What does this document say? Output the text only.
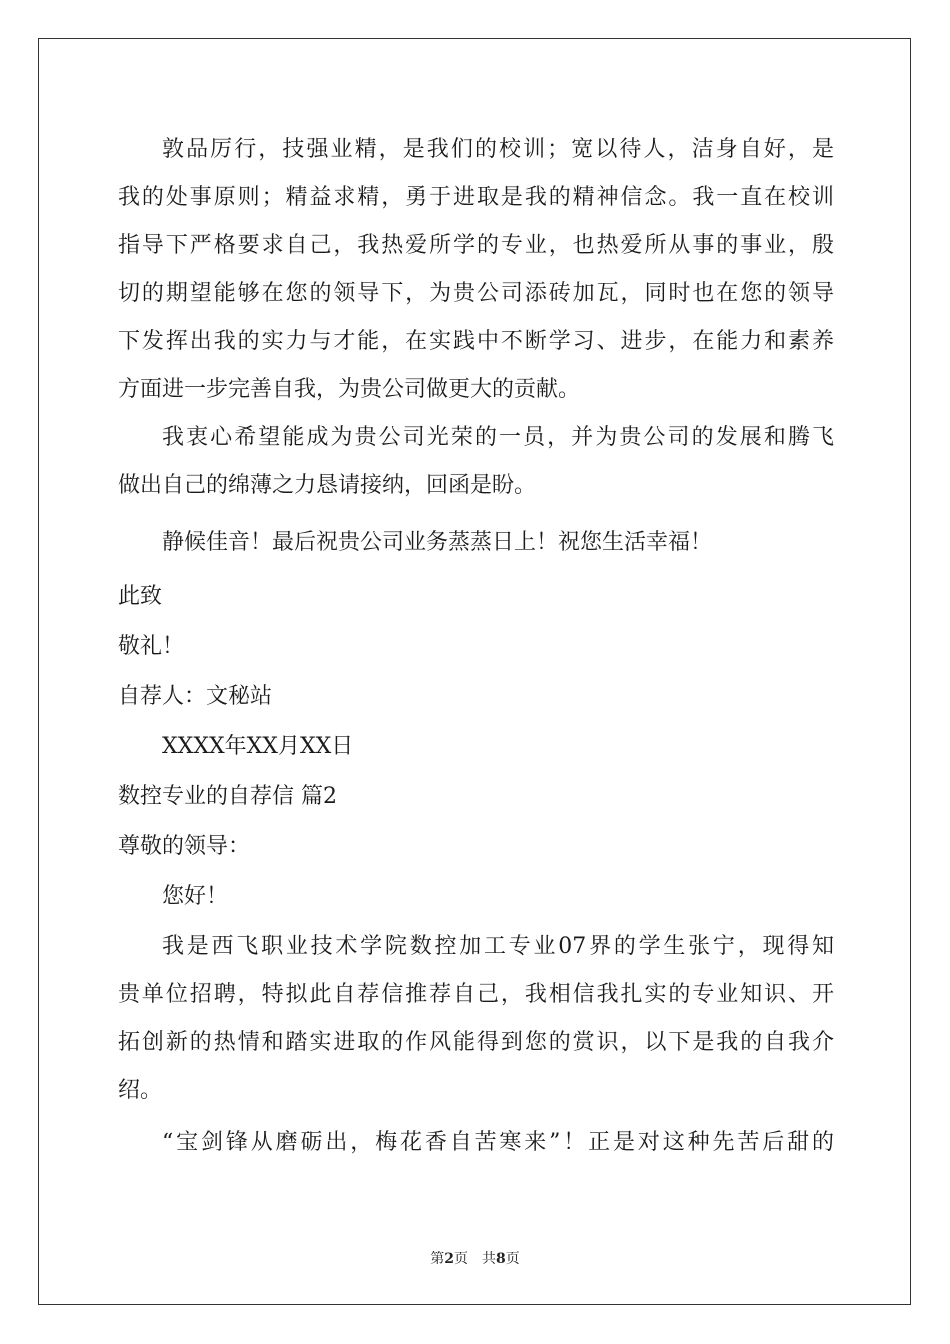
敦品厉行，技强业精，是我们的校训；宽以待人，洁身自好，是

我的处事原则；精益求精，勇于进取是我的精神信念。我一直在校训

指导下严格要求自己，我热爱所学的专业，也热爱所从事的事业，殷

切的期望能够在您的领导下，为贵公司添砖加瓦，同时也在您的领导

下发挥出我的实力与才能，在实践中不断学习、进步，在能力和素养

方面进一步完善自我，为贵公司做更大的贡献。

我衷心希望能成为贵公司光荣的一员，并为贵公司的发展和腾飞

做出自己的绵薄之力恳请接纳，回函是盼。

静候佳音！最后祝贵公司业务蒸蒸日上！祝您生活幸福！

此致

敬礼！

自荐人：文秘站

XXXX年XX月XX日

数控专业的自荐信 篇2

尊敬的领导：

您好！

我是西飞职业技术学院数控加工专业07界的学生张宁，现得知

贵单位招聘，特拟此自荐信推荐自己，我相信我扎实的专业知识、开

拓创新的热情和踏实进取的作风能得到您的赏识，以下是我的自我介

绍。

“宝剑锋从磨砺出，梅花香自苦寒来”！正是对这种先苦后甜的

第2页　共8页
